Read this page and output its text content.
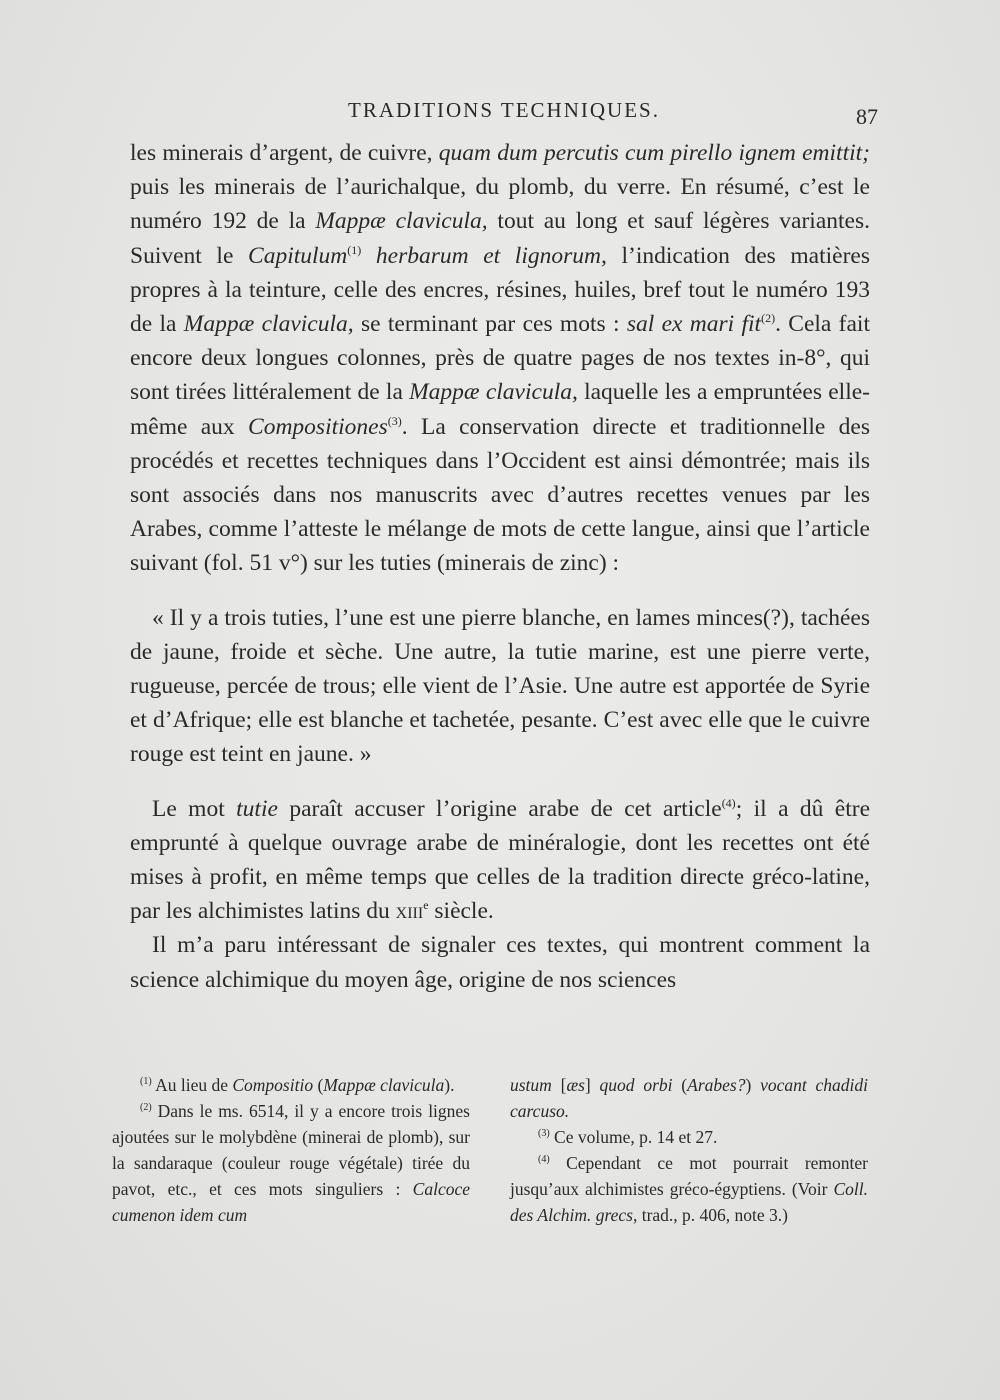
TRADITIONS TECHNIQUES.	87

les minerais d’argent, de cuivre, quam dum percutis cum pirello ignem emittit; puis les minerais de l’aurichalque, du plomb, du verre. En résumé, c’est le numéro 192 de la Mappæ clavicula, tout au long et sauf légères variantes. Suivent le Capitulum$^{(1)}$ herbarum et lignorum, l’indication des matières propres à la teinture, celle des encres, résines, huiles, bref tout le numéro 193 de la Mappæ clavicula, se terminant par ces mots : sal ex mari fit$^{(2)}$. Cela fait encore deux longues colonnes, près de quatre pages de nos textes in-8°, qui sont tirées littéralement de la Mappæ clavicula, laquelle les a empruntées elle-même aux Compositiones$^{(3)}$. La conservation directe et traditionnelle des procédés et recettes techniques dans l’Occident est ainsi démontrée; mais ils sont associés dans nos manuscrits avec d’autres recettes venues par les Arabes, comme l’atteste le mélange de mots de cette langue, ainsi que l’article suivant (fol. 51 v°) sur les tuties (minerais de zinc) :

« Il y a trois tuties, l’une est une pierre blanche, en lames minces(?), tachées de jaune, froide et sèche. Une autre, la tutie marine, est une pierre verte, rugueuse, percée de trous; elle vient de l’Asie. Une autre est apportée de Syrie et d’Afrique; elle est blanche et tachetée, pesante. C’est avec elle que le cuivre rouge est teint en jaune. »

Le mot tutie paraît accuser l’origine arabe de cet article$^{(4)}$; il a dû être emprunté à quelque ouvrage arabe de minéralogie, dont les recettes ont été mises à profit, en même temps que celles de la tradition directe gréco-latine, par les alchimistes latins du xiii$^e$ siècle.

Il m’a paru intéressant de signaler ces textes, qui montrent comment la science alchimique du moyen âge, origine de nos sciences

$^{(1)}$ Au lieu de Compositio (Mappæ clavicula).

$^{(2)}$ Dans le ms. 6514, il y a encore trois lignes ajoutées sur le molybdène (minerai de plomb), sur la sandaraque (couleur rouge végétale) tirée du pavot, etc., et ces mots singuliers : Calcoce cumenon idem cum

ustum [æs] quod orbi (Arabes?) vocant chadidi carcuso.

$^{(3)}$ Ce volume, p. 14 et 27.

$^{(4)}$ Cependant ce mot pourrait remonter jusqu’aux alchimistes gréco-égyptiens. (Voir Coll. des Alchim. grecs, trad., p. 406, note 3.)
